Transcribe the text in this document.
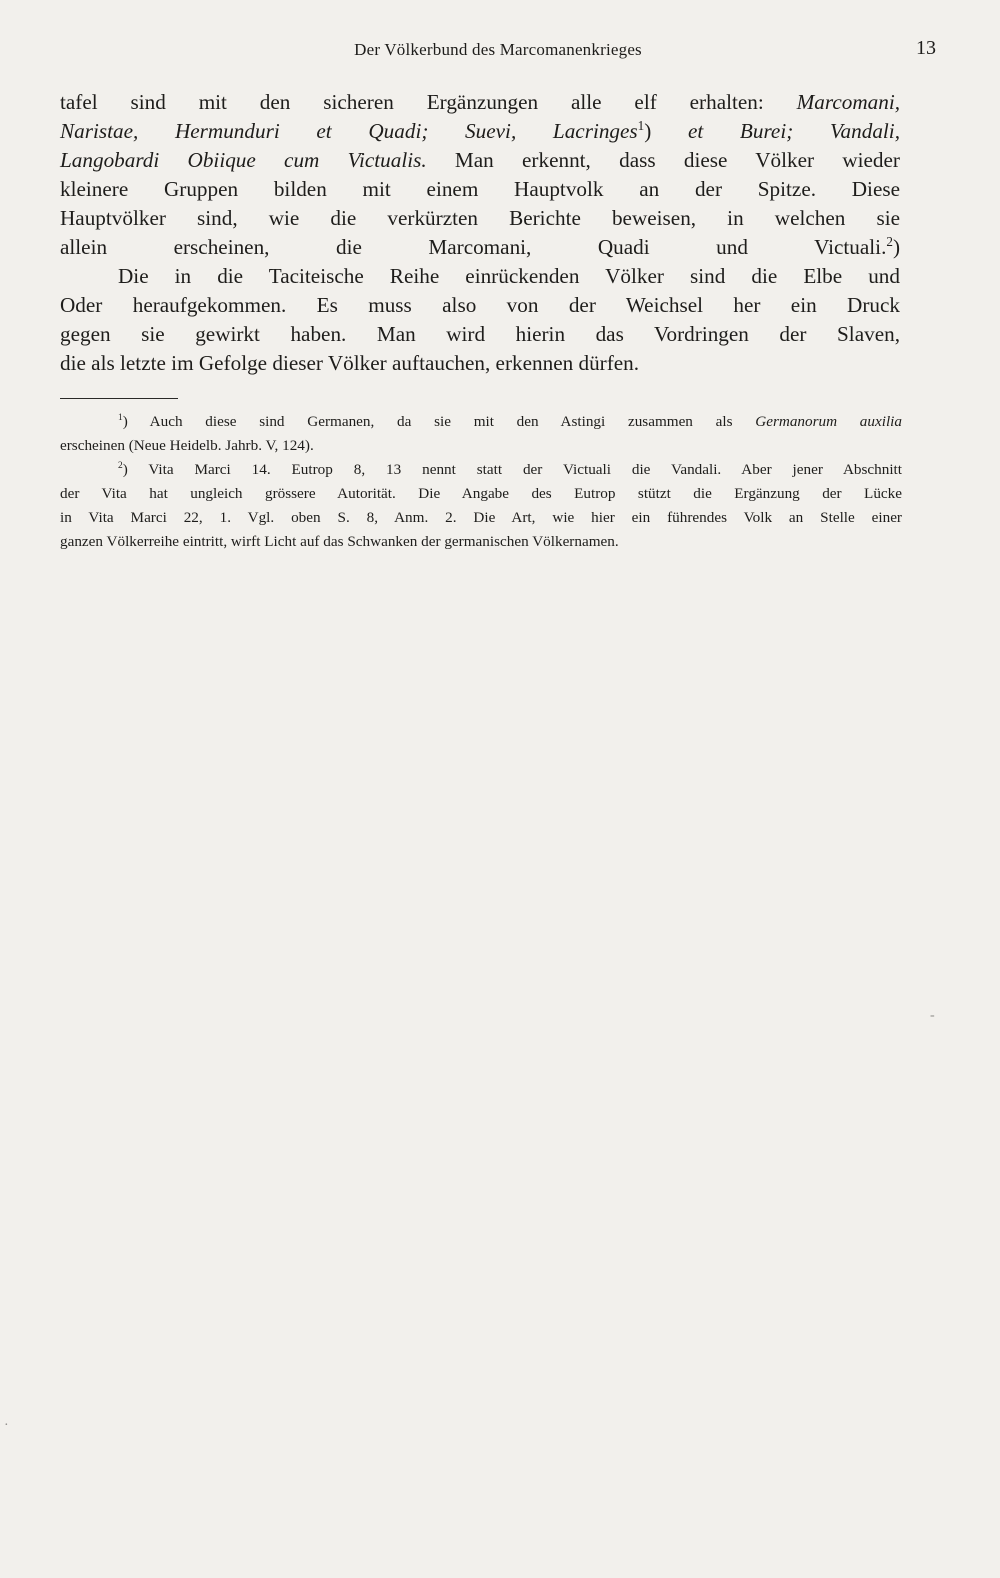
Der Völkerbund des Marcomanenkrieges	13

tafel sind mit den sicheren Ergänzungen alle elf erhalten: Marcomani,

Naristae, Hermunduri et Quadi; Suevi, Lacringes$^1$) et Burei; Vandali,

Langobardi Obiique cum Victualis. Man erkennt, dass diese Völker wieder

kleinere Gruppen bilden mit einem Hauptvolk an der Spitze. Diese

Hauptvölker sind, wie die verkürzten Berichte beweisen, in welchen sie

allein erscheinen, die Marcomani, Quadi und Victuali.$^2$)

Die in die Taciteische Reihe einrückenden Völker sind die Elbe und

Oder heraufgekommen. Es muss also von der Weichsel her ein Druck

gegen sie gewirkt haben. Man wird hierin das Vordringen der Slaven,

die als letzte im Gefolge dieser Völker auftauchen, erkennen dürfen.

$^1$) Auch diese sind Germanen, da sie mit den Astingi zusammen als Germanorum auxilia

erscheinen (Neue Heidelb. Jahrb. V, 124).

$^2$) Vita Marci 14. Eutrop 8, 13 nennt statt der Victuali die Vandali. Aber jener Abschnitt

der Vita hat ungleich grössere Autorität. Die Angabe des Eutrop stützt die Ergänzung der Lücke

in Vita Marci 22, 1. Vgl. oben S. 8, Anm. 2. Die Art, wie hier ein führendes Volk an Stelle einer

ganzen Völkerreihe eintritt, wirft Licht auf das Schwanken der germanischen Völkernamen.

-
·
